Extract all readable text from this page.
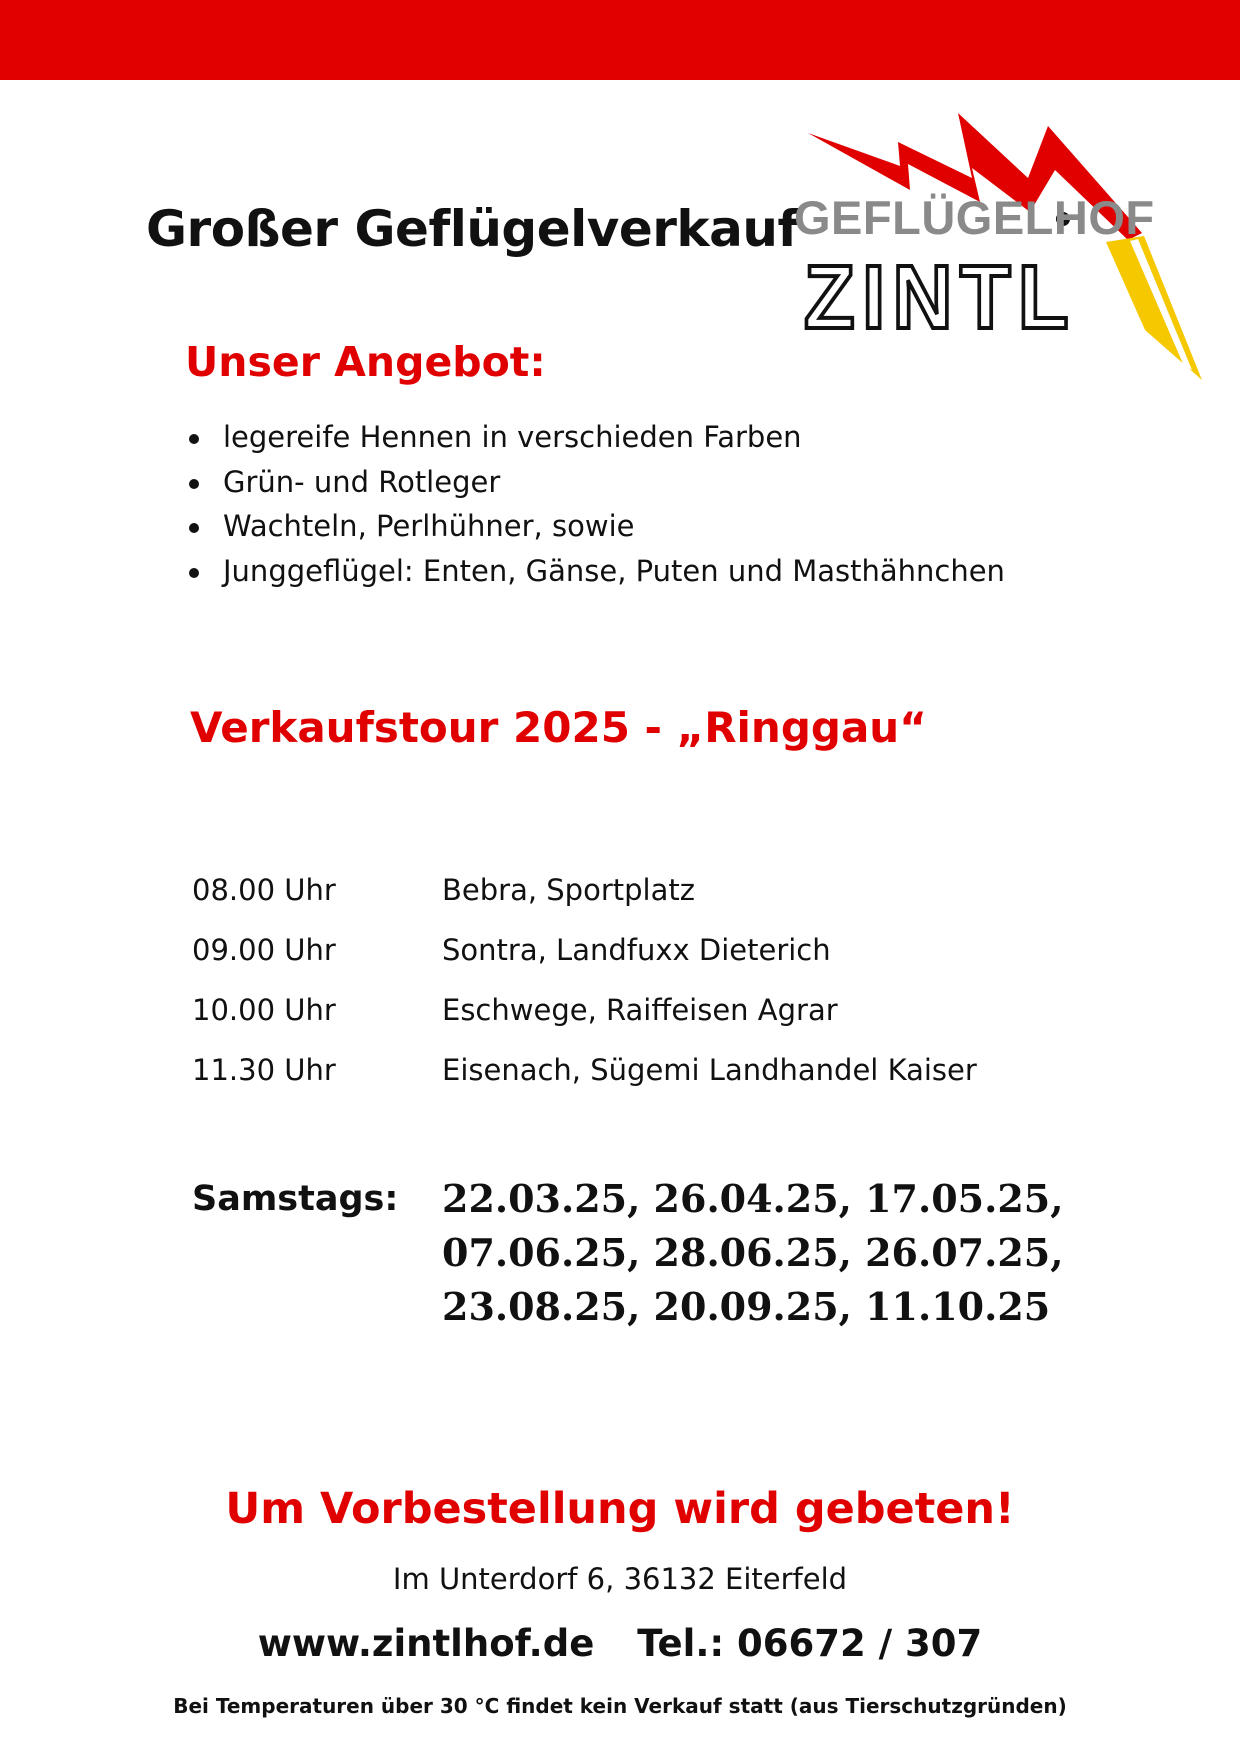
Großer Geflügelverkauf
GEFLÜGELHOF
ZINTL
Unser Angebot:
legereife Hennen in verschieden Farben
Grün- und Rotleger
Wachteln, Perlhühner, sowie
Junggeflügel: Enten, Gänse, Puten und Masthähnchen
Verkaufstour 2025 - „Ringgau“
08.00 Uhr	Bebra, Sportplatz
09.00 Uhr	Sontra, Landfuxx Dieterich
10.00 Uhr	Eschwege, Raiffeisen Agrar
11.30 Uhr	Eisenach, Sügemi Landhandel Kaiser
Samstags:	22.03.25, 26.04.25, 17.05.25,
07.06.25, 28.06.25, 26.07.25,
23.08.25, 20.09.25, 11.10.25
Um Vorbestellung wird gebeten!
Im Unterdorf 6, 36132 Eiterfeld
www.zintlhof.de Tel.: 06672 / 307
Bei Temperaturen über 30 °C findet kein Verkauf statt (aus Tierschutzgründen)
